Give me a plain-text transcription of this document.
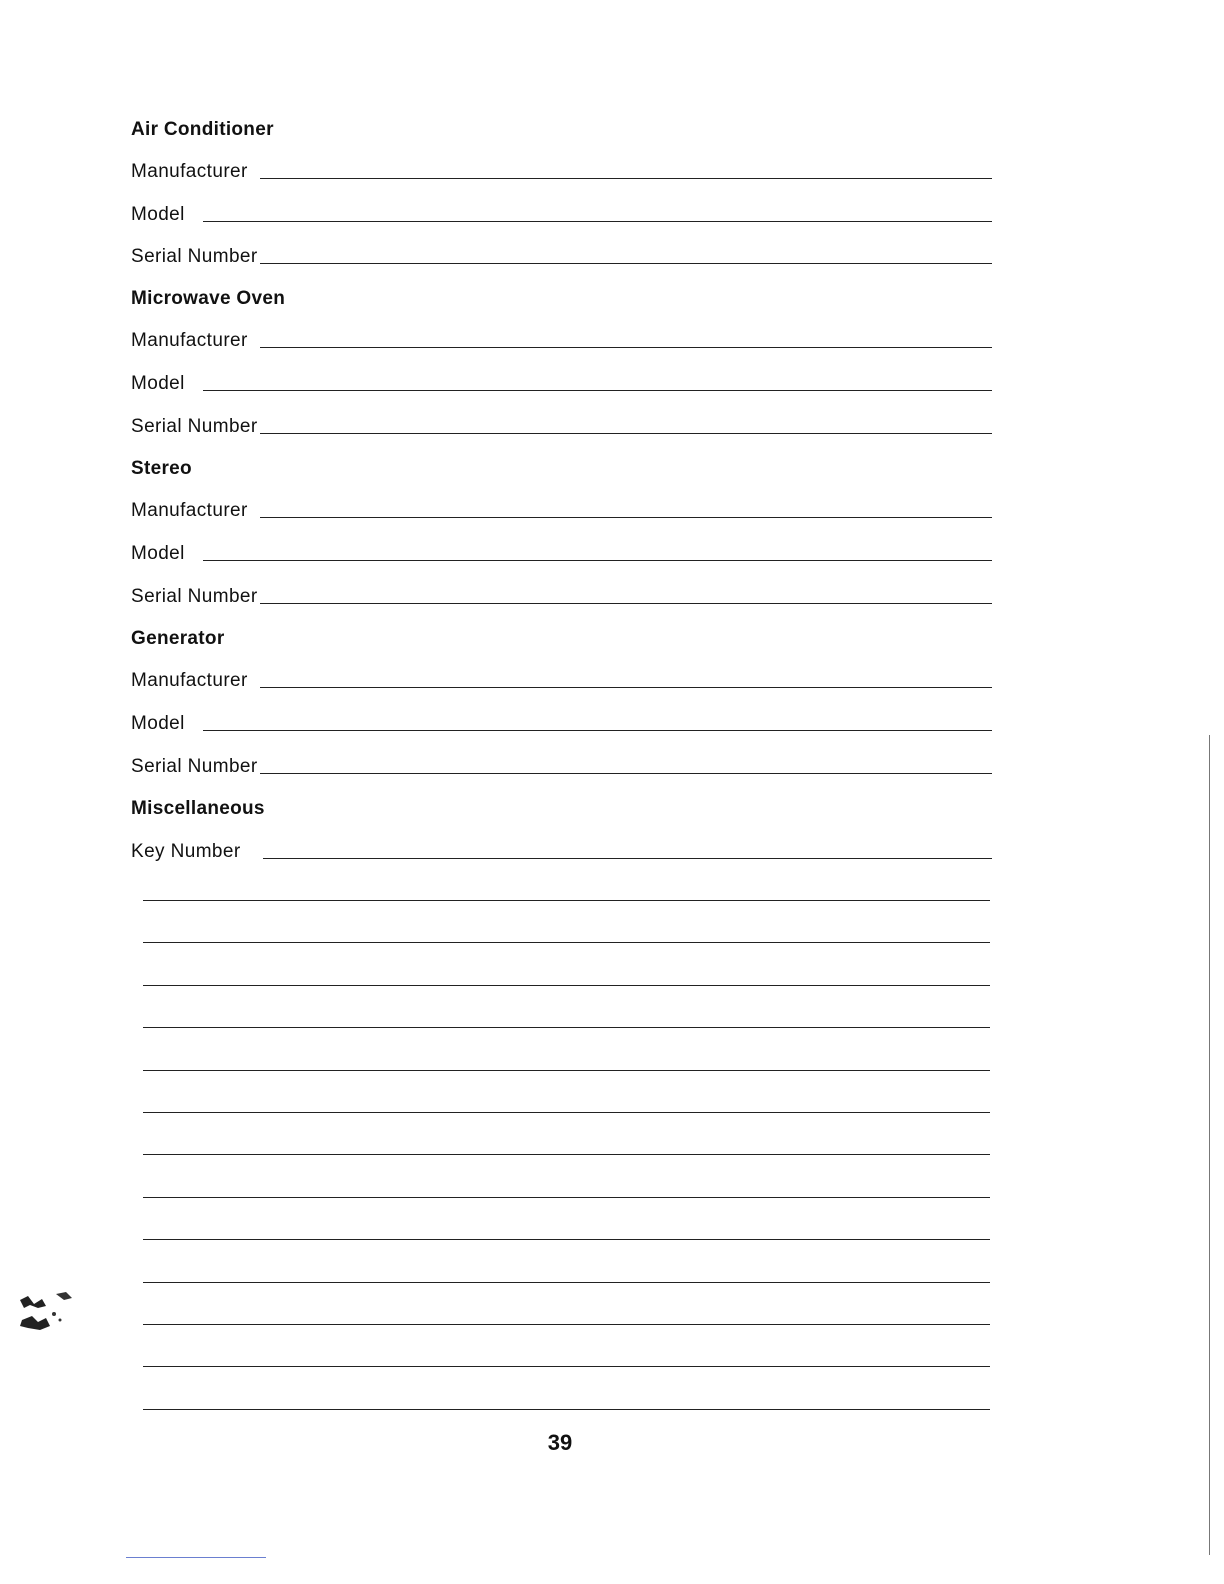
Air Conditioner
Manufacturer
Model
Serial Number
Microwave Oven
Manufacturer
Model
Serial Number
Stereo
Manufacturer
Model
Serial Number
Generator
Manufacturer
Model
Serial Number
Miscellaneous
Key Number
39
